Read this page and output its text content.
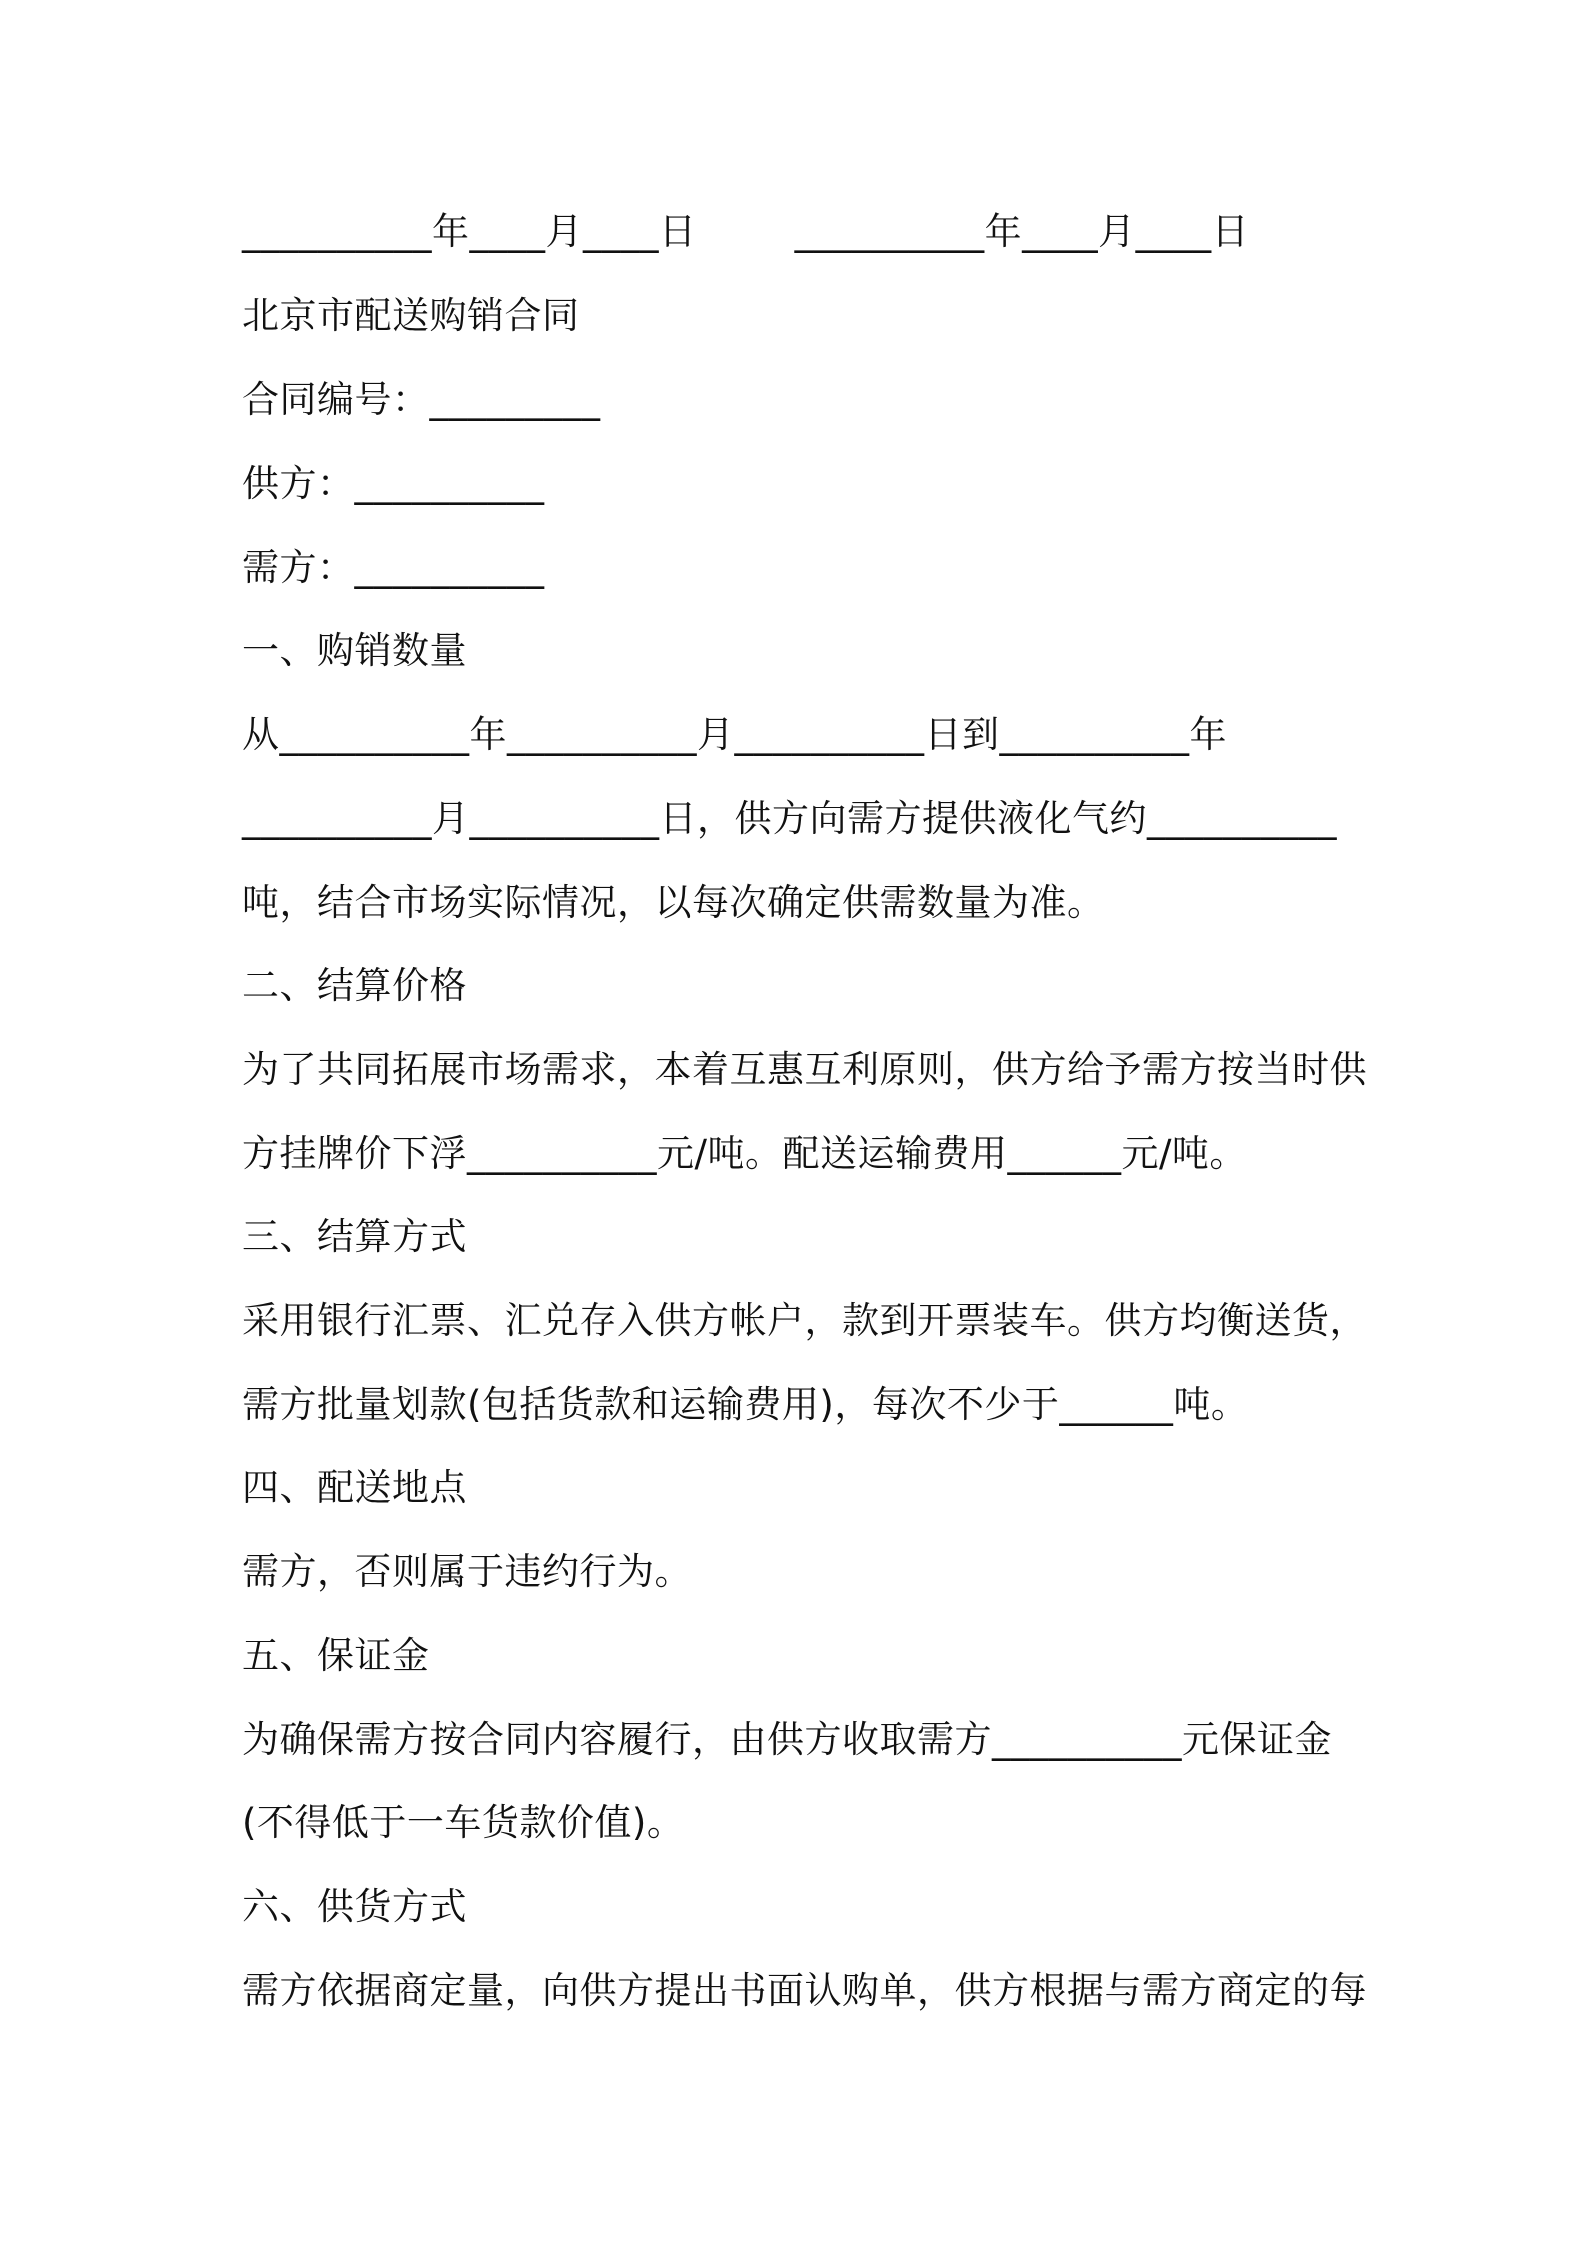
__________年____月____日        __________年____月____日
北京市配送购销合同
合同编号：_________
供方：__________
需方：__________
一、购销数量
从__________年__________月__________日到__________年
__________月__________日，供方向需方提供液化气约__________
吨，结合市场实际情况，以每次确定供需数量为准。
二、结算价格
为了共同拓展市场需求，本着互惠互利原则，供方给予需方按当时供
方挂牌价下浮__________元/吨。配送运输费用______元/吨。
三、结算方式
采用银行汇票、汇兑存入供方帐户，款到开票装车。供方均衡送货，
需方批量划款(包括货款和运输费用)，每次不少于______吨。
四、配送地点
需方，否则属于违约行为。
五、保证金
为确保需方按合同内容履行，由供方收取需方__________元保证金
(不得低于一车货款价值)。
六、供货方式
需方依据商定量，向供方提出书面认购单，供方根据与需方商定的每
